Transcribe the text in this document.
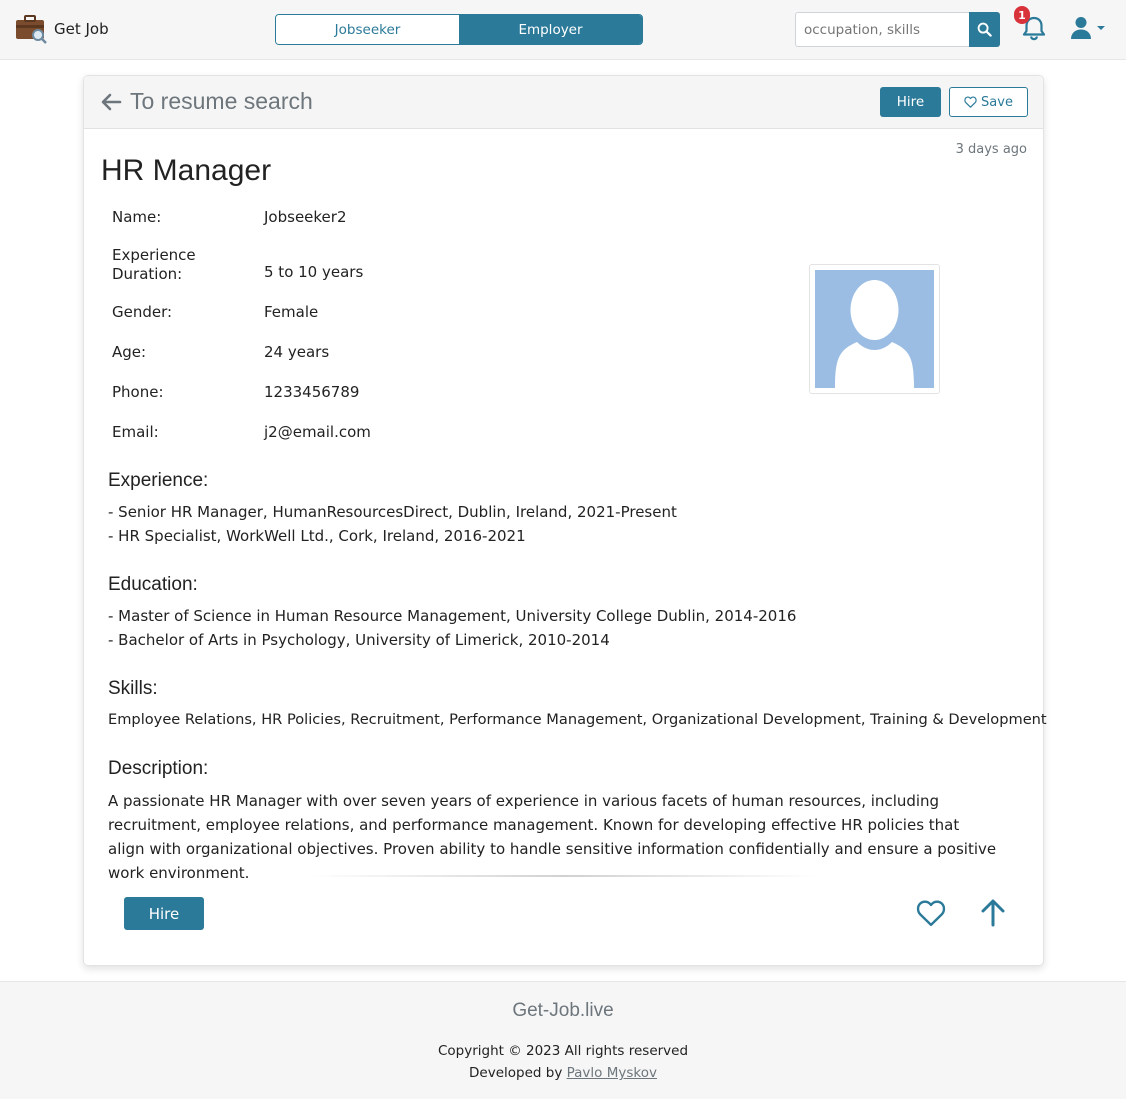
Get Job	Jobseeker	Employer
occupation, skills
1
To resume search	Hire	Save
3 days ago
HR Manager
Name:	Jobseeker2
Experience Duration:	5 to 10 years
Gender:	Female
Age:	24 years
Phone:	1233456789
Email:	j2@email.com
Experience:
- Senior HR Manager, HumanResourcesDirect, Dublin, Ireland, 2021-Present
- HR Specialist, WorkWell Ltd., Cork, Ireland, 2016-2021
Education:
- Master of Science in Human Resource Management, University College Dublin, 2014-2016
- Bachelor of Arts in Psychology, University of Limerick, 2010-2014
Skills:
Employee Relations, HR Policies, Recruitment, Performance Management, Organizational Development, Training & Development
Description:
A passionate HR Manager with over seven years of experience in various facets of human resources, including recruitment, employee relations, and performance management. Known for developing effective HR policies that align with organizational objectives. Proven ability to handle sensitive information confidentially and ensure a positive work environment.
Hire
Get-Job.live
Copyright © 2023 All rights reserved
Developed by Pavlo Myskov
